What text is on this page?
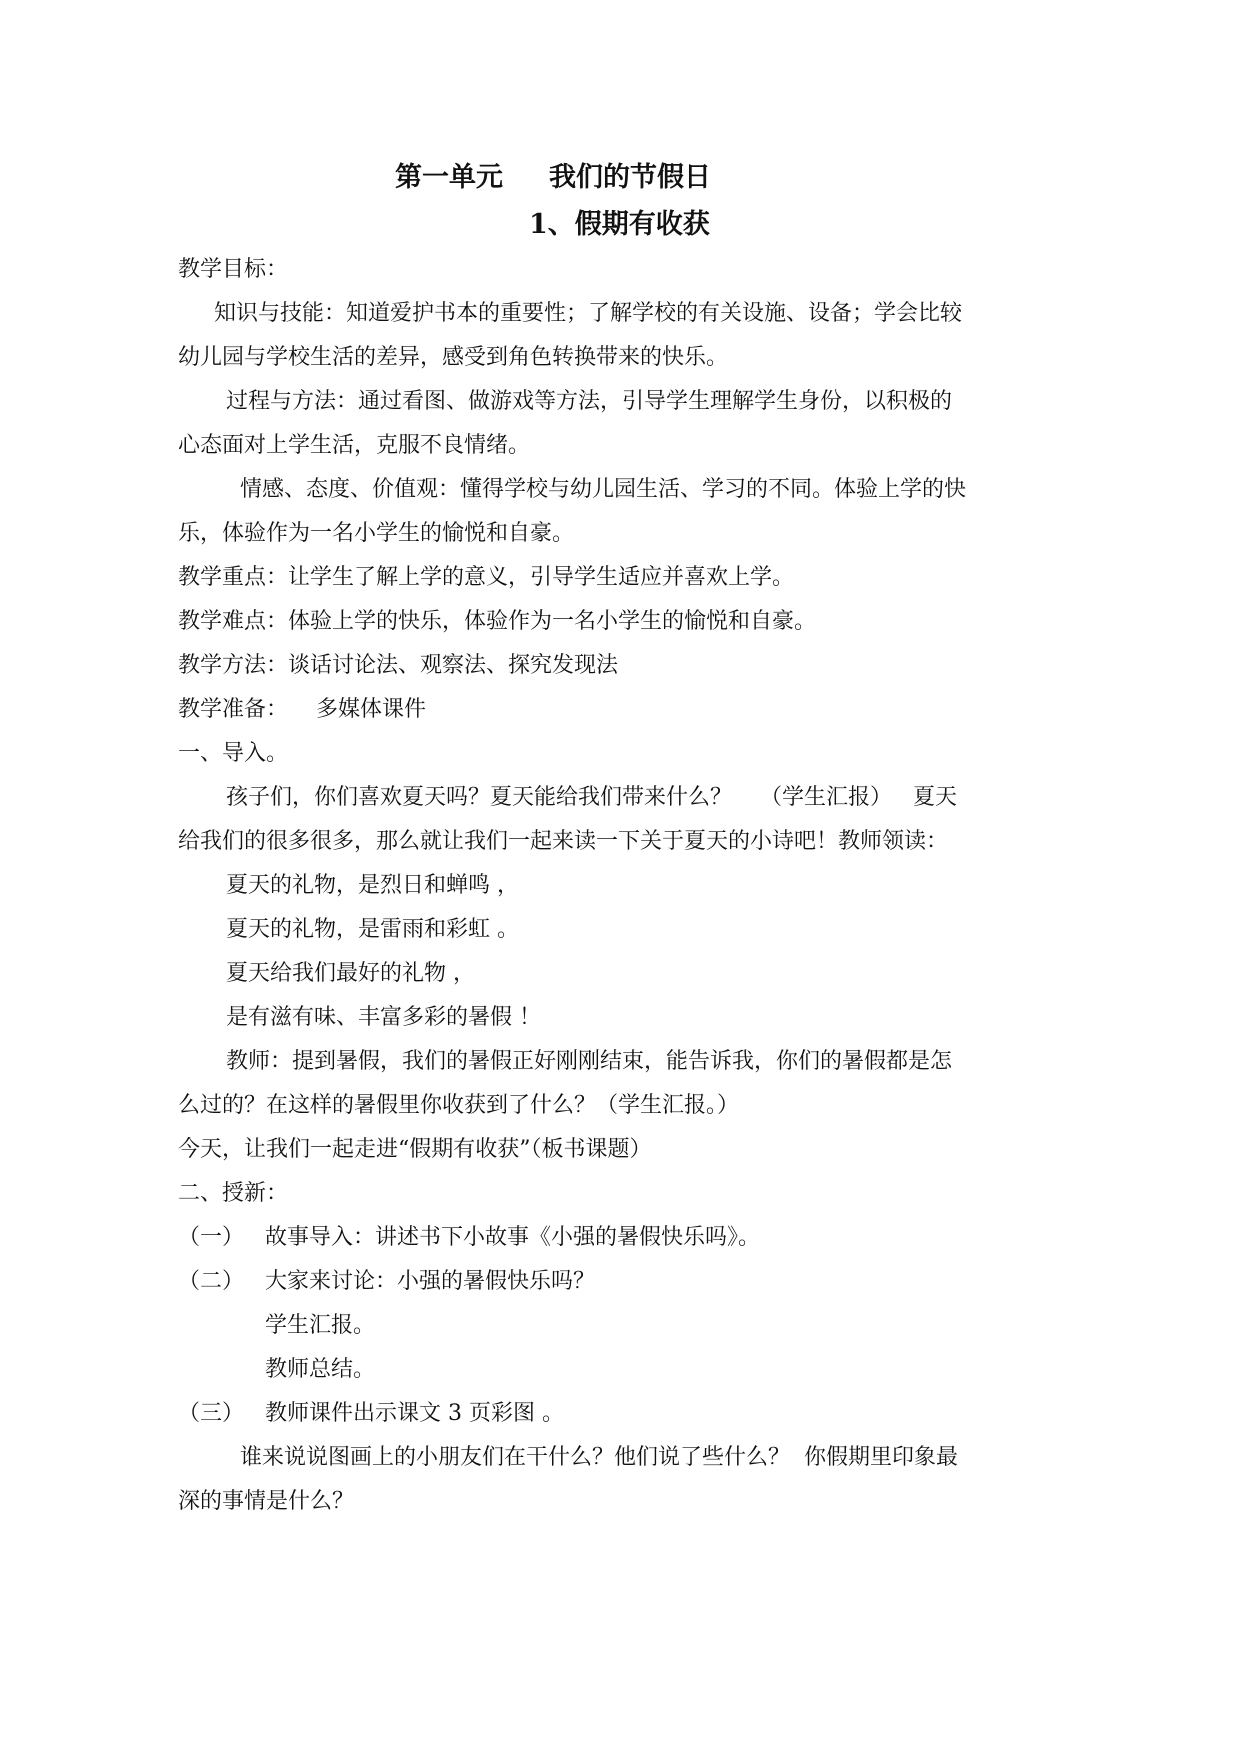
第一单元 我们的节假日
1、假期有收获
教学目标：
知识与技能：知道爱护书本的重要性；了解学校的有关设施、设备；学会比较
幼儿园与学校生活的差异，感受到角色转换带来的快乐。
过程与方法：通过看图、做游戏等方法，引导学生理解学生身份，以积极的
心态面对上学生活，克服不良情绪。
情感、态度、价值观：懂得学校与幼儿园生活、学习的不同。体验上学的快
乐，体验作为一名小学生的愉悦和自豪。
教学重点：让学生了解上学的意义，引导学生适应并喜欢上学。
教学难点：体验上学的快乐，体验作为一名小学生的愉悦和自豪。
教学方法：谈话讨论法、观察法、探究发现法
教学准备：    多媒体课件
一、导入。
孩子们，你们喜欢夏天吗？夏天能给我们带来什么？    （学生汇报）   夏天
给我们的很多很多，那么就让我们一起来读一下关于夏天的小诗吧！教师领读：
夏天的礼物，是烈日和蝉鸣 ，
夏天的礼物，是雷雨和彩虹 。
夏天给我们最好的礼物 ，
是有滋有味、丰富多彩的暑假 ！
教师：提到暑假，我们的暑假正好刚刚结束，能告诉我，你们的暑假都是怎
么过的？在这样的暑假里你收获到了什么？（学生汇报。）
今天，让我们一起走进“假期有收获”（板书课题）
二、授新：
（一）   故事导入：讲述书下小故事《小强的暑假快乐吗》。
（二）   大家来讨论：小强的暑假快乐吗？
学生汇报。
教师总结。
（三）   教师课件出示课文 3 页彩图 。
谁来说说图画上的小朋友们在干什么？他们说了些什么？  你假期里印象最
深的事情是什么？
